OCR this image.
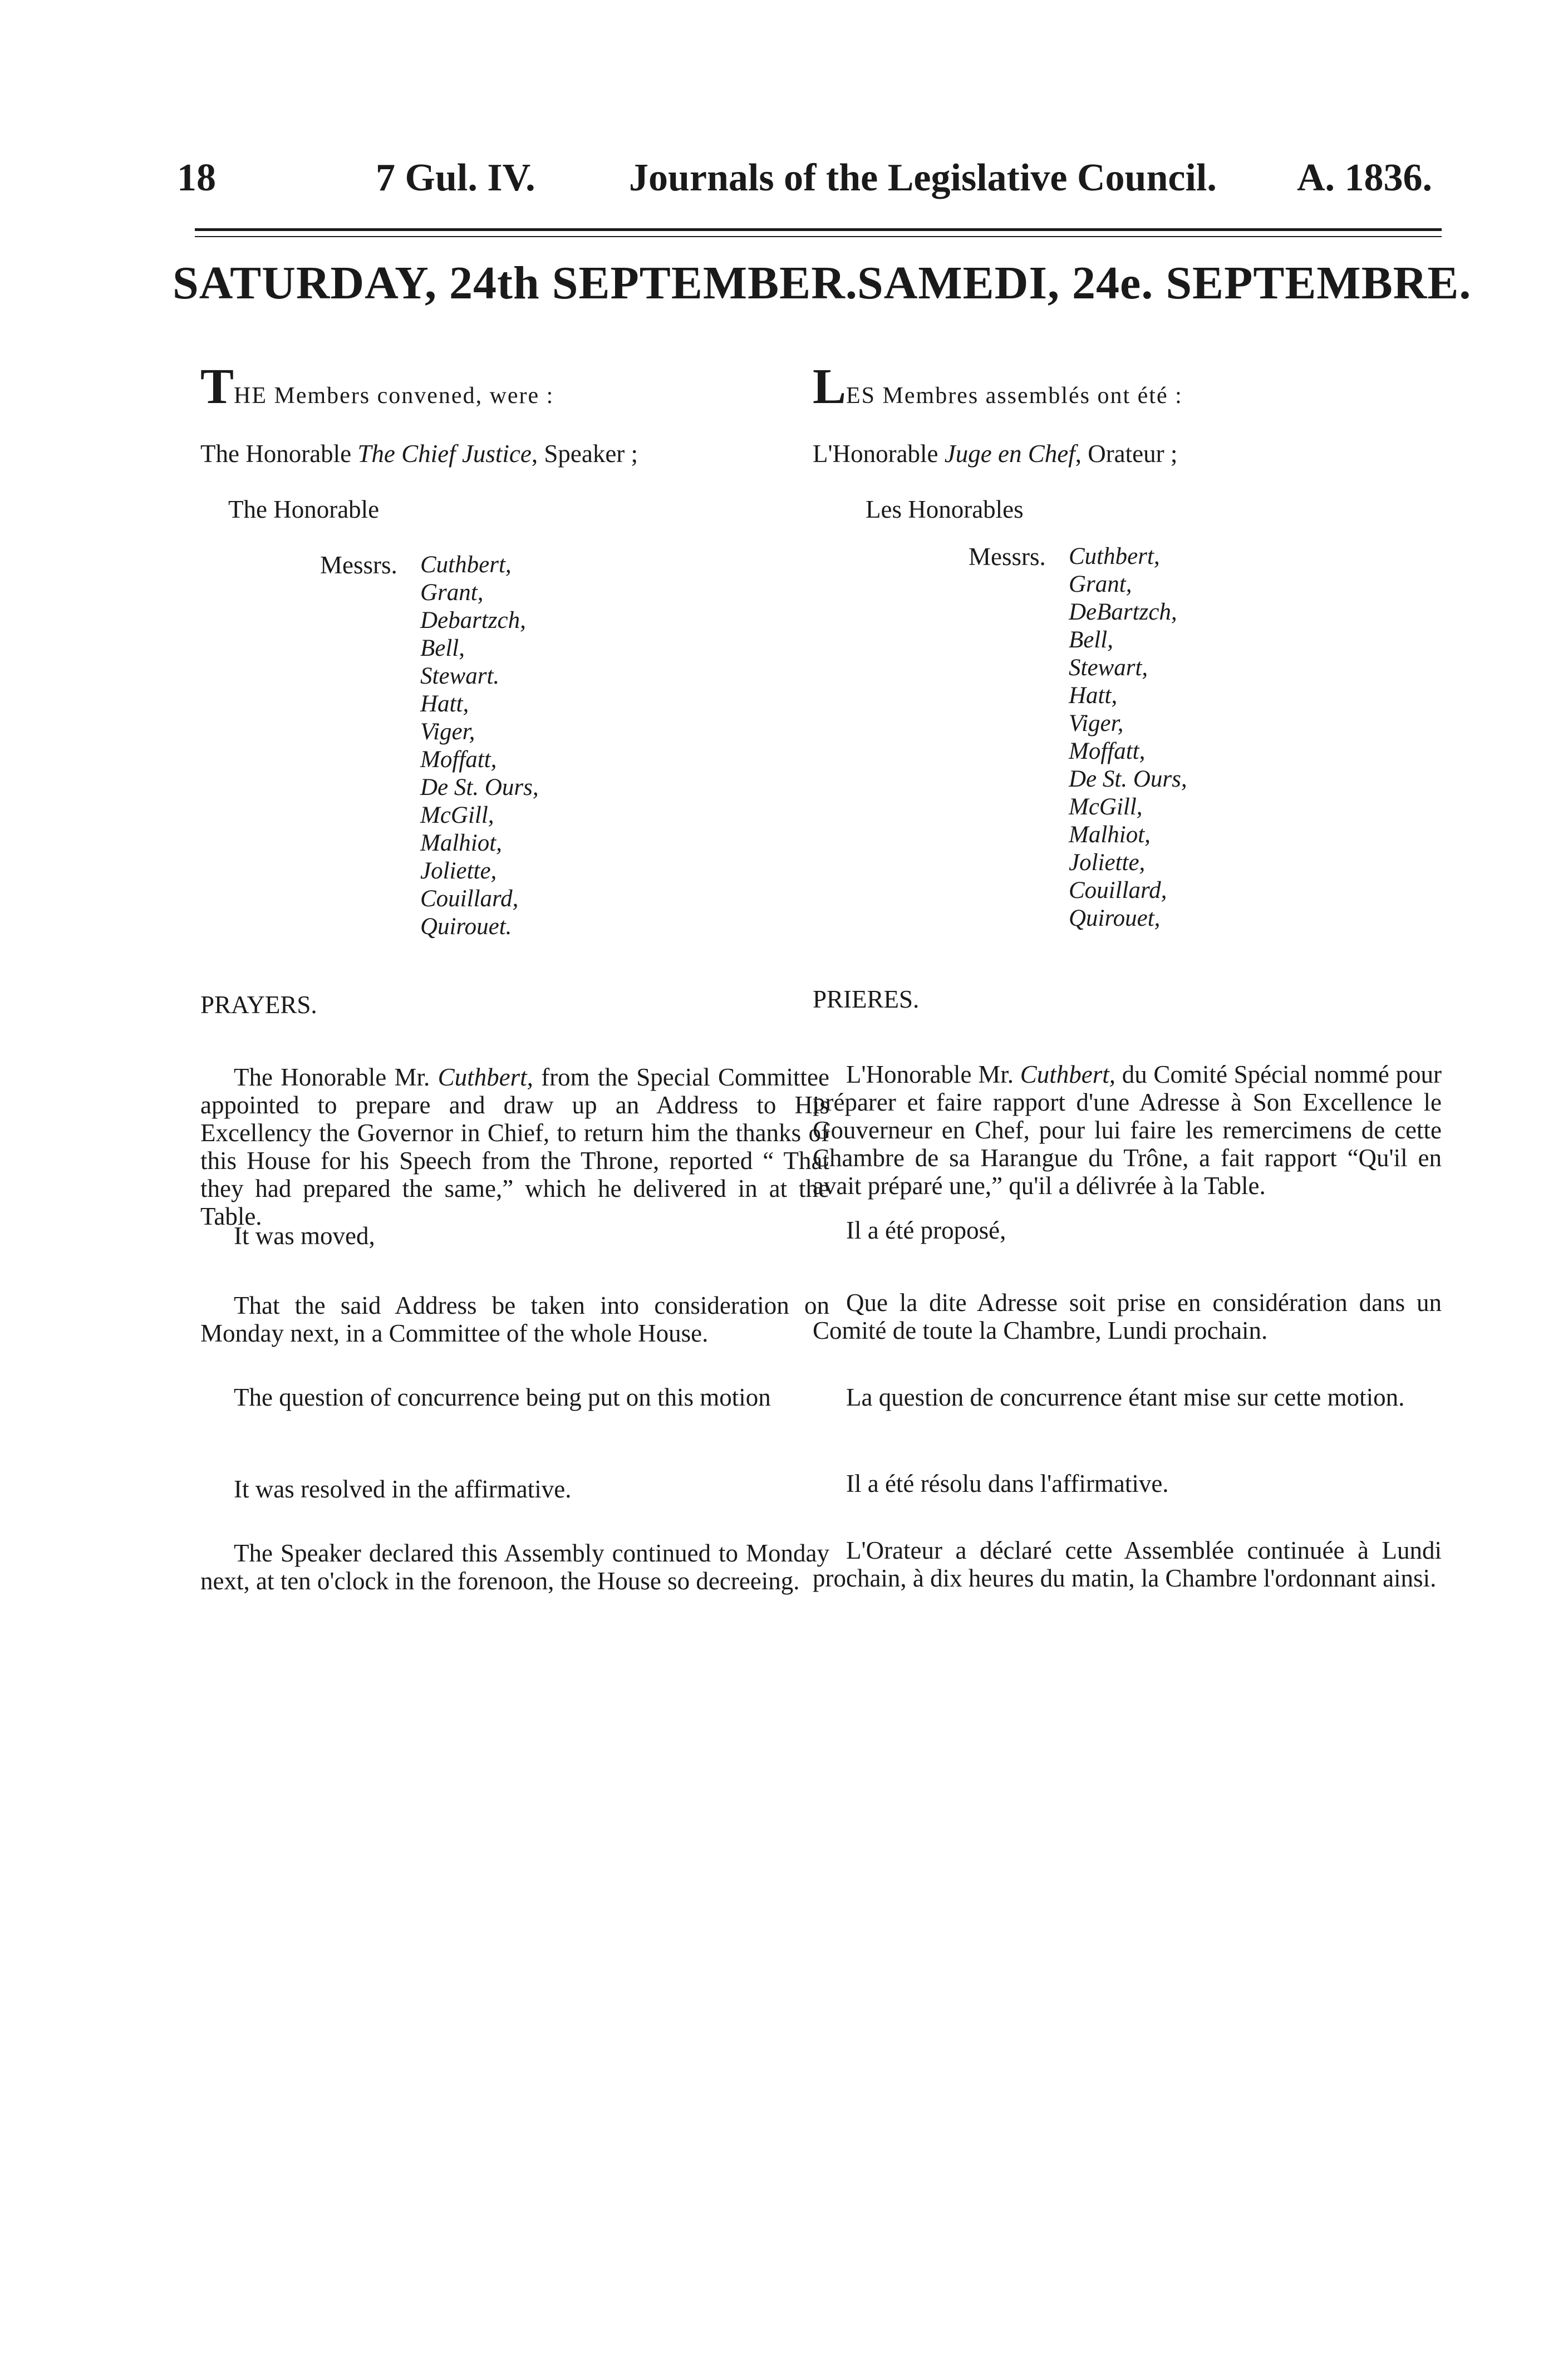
18	7 Gul. IV. Journals of the Legislative Council. A. 1836.
SATURDAY, 24th SEPTEMBER. SAMEDI, 24e. SEPTEMBRE.

THE Members convened, were :

The Honorable The Chief Justice, Speaker ;

The Honorable

Messrs. Cuthbert,
Grant,
Debartzch,
Bell,
Stewart.
Hatt,
Viger,
Moffatt,
De St. Ours,
McGill,
Malhiot,
Joliette,
Couillard,
Quirouet.

PRAYERS.

The Honorable Mr. Cuthbert, from the Special Committee appointed to prepare and draw up an Address to His Excellency the Governor in Chief, to return him the thanks of this House for his Speech from the Throne, reported “ That they had prepared the same,” which he delivered in at the Table.

It was moved,

That the said Address be taken into consideration on Monday next, in a Committee of the whole House.

The question of concurrence being put on this motion

It was resolved in the affirmative.

The Speaker declared this Assembly continued to Monday next, at ten o'clock in the forenoon, the House so decreeing.

LES Membres assemblés ont été :

L'Honorable Juge en Chef, Orateur ;

Les Honorables

Messrs. Cuthbert,
Grant,
DeBartzch,
Bell,
Stewart,
Hatt,
Viger,
Moffatt,
De St. Ours,
McGill,
Malhiot,
Joliette,
Couillard,
Quirouet,

PRIERES.

L'Honorable Mr. Cuthbert, du Comité Spécial nommé pour préparer et faire rapport d'une Adresse à Son Excellence le Gouverneur en Chef, pour lui faire les remercimens de cette Chambre de sa Harangue du Trône, a fait rapport “Qu'il en avait préparé une,” qu'il a délivrée à la Table.

Il a été proposé,

Que la dite Adresse soit prise en considération dans un Comité de toute la Chambre, Lundi prochain.

La question de concurrence étant mise sur cette motion.

Il a été résolu dans l'affirmative.

L'Orateur a déclaré cette Assemblée continuée à Lundi prochain, à dix heures du matin, la Chambre l'ordonnant ainsi.
